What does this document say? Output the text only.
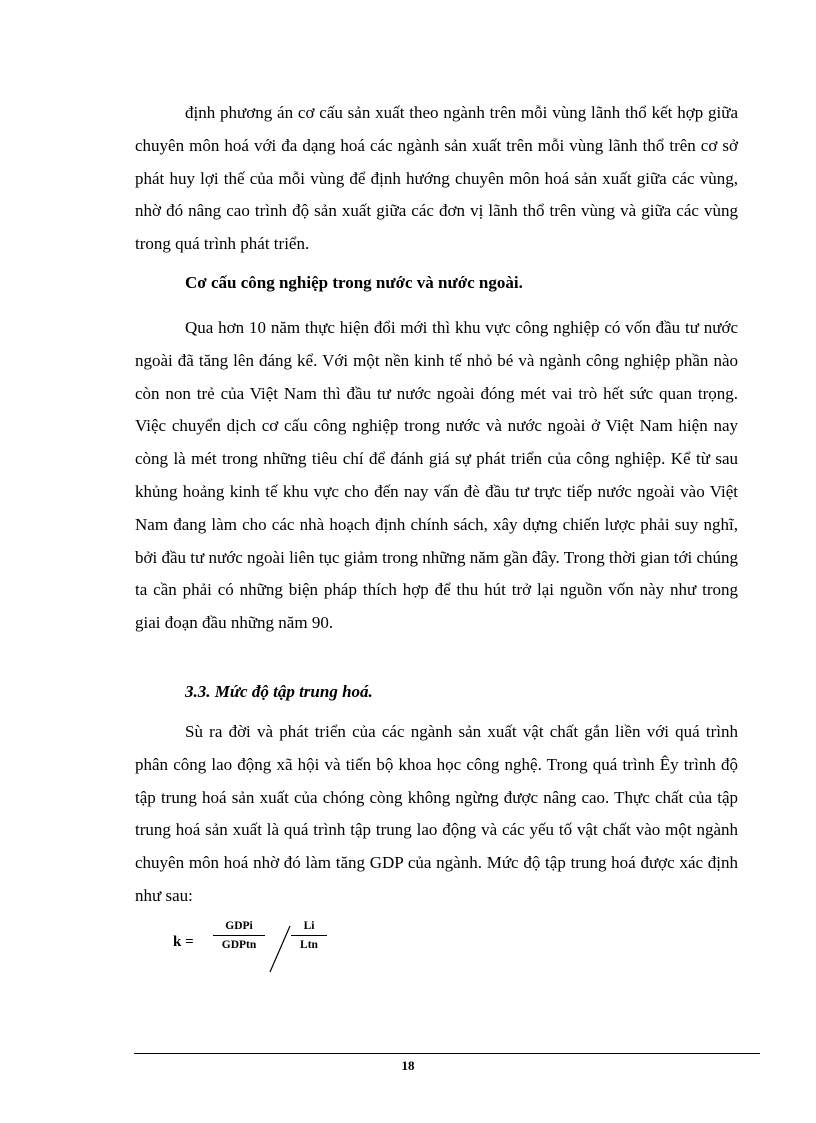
định phương án cơ cấu sản xuất theo ngành trên mỗi vùng lãnh thổ kết hợp giữa chuyên môn hoá với đa dạng hoá các ngành sản xuất trên mỗi vùng lãnh thổ trên cơ sở phát huy lợi thế của mỗi vùng để định hướng chuyên môn hoá sản xuất giữa các vùng, nhờ đó nâng cao trình độ sản xuất giữa các đơn vị lãnh thổ trên vùng và giữa các vùng trong quá trình phát triển.

Cơ cấu công nghiệp trong nước và nước ngoài.

Qua hơn 10 năm thực hiện đổi mới thì khu vực công nghiệp có vốn đầu tư nước ngoài đã tăng lên đáng kể. Với một nền kinh tế nhỏ bé và ngành công nghiệp phần nào còn non trẻ của Việt Nam thì đầu tư nước ngoài đóng mét vai trò hết sức quan trọng. Việc chuyển dịch cơ cấu công nghiệp trong nước và nước ngoài ở Việt Nam hiện nay còng là mét trong những tiêu chí để đánh giá sự phát triển của công nghiệp. Kể từ sau khủng hoảng kinh tế khu vực cho đến nay vấn đè đầu tư trực tiếp nước ngoài vào Việt Nam đang làm cho các nhà hoạch định chính sách, xây dựng chiến lược phải suy nghĩ, bởi đầu tư nước ngoài liên tục giảm trong những năm gần đây. Trong thời gian tới chúng ta cần phải có những biện pháp thích hợp để thu hút trở lại nguồn vốn này như trong giai đoạn đầu những năm 90.

3.3. Mức độ tập trung hoá.

Sù ra đời và phát triển của các ngành sản xuất vật chất gắn liền với quá trình phân công lao động xã hội và tiến bộ khoa học công nghệ. Trong quá trình Êy trình độ tập trung hoá sản xuất của chóng còng không ngừng được nâng cao. Thực chất của tập trung hoá sản xuất là quá trình tập trung lao động và các yếu tố vật chất vào một ngành chuyên môn hoá nhờ đó làm tăng GDP của ngành. Mức độ tập trung hoá được xác định như sau:

k =
GDPi
GDPtn
Li
Ltn
18
